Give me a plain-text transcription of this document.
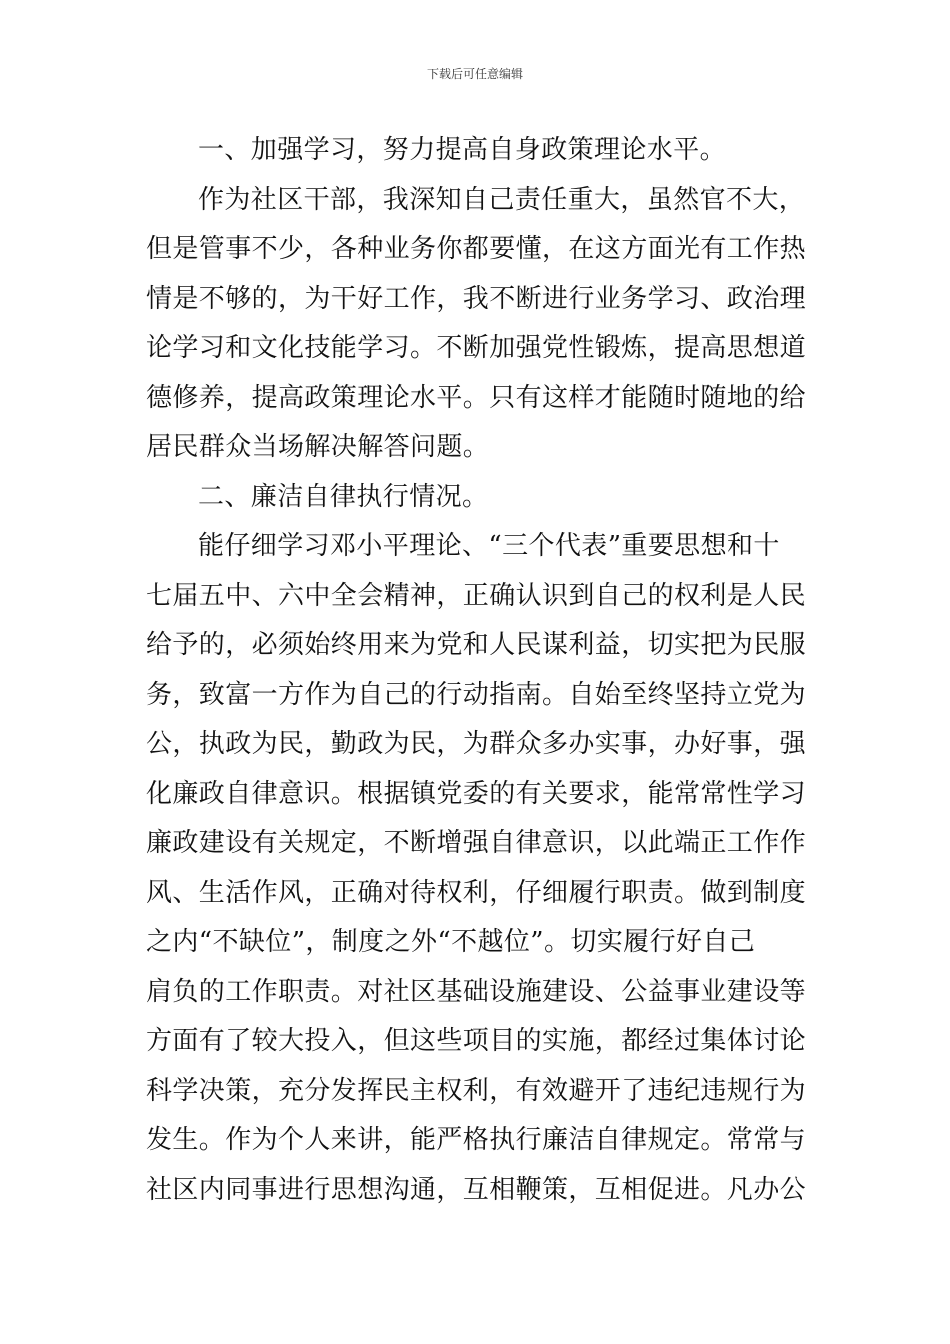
下载后可任意编辑
一、加强学习，努力提高自身政策理论水平。
作为社区干部，我深知自己责任重大，虽然官不大，
但是管事不少，各种业务你都要懂，在这方面光有工作热
情是不够的，为干好工作，我不断进行业务学习、政治理
论学习和文化技能学习。不断加强党性锻炼，提高思想道
德修养，提高政策理论水平。只有这样才能随时随地的给
居民群众当场解决解答问题。
二、廉洁自律执行情况。
能仔细学习邓小平理论、“三个代表”重要思想和十
七届五中、六中全会精神，正确认识到自己的权利是人民
给予的，必须始终用来为党和人民谋利益，切实把为民服
务，致富一方作为自己的行动指南。自始至终坚持立党为
公，执政为民，勤政为民，为群众多办实事，办好事，强
化廉政自律意识。根据镇党委的有关要求，能常常性学习
廉政建设有关规定，不断增强自律意识，以此端正工作作
风、生活作风，正确对待权利，仔细履行职责。做到制度
之内“不缺位”，制度之外“不越位”。切实履行好自己
肩负的工作职责。对社区基础设施建设、公益事业建设等
方面有了较大投入，但这些项目的实施，都经过集体讨论
科学决策，充分发挥民主权利，有效避开了违纪违规行为
发生。作为个人来讲，能严格执行廉洁自律规定。常常与
社区内同事进行思想沟通，互相鞭策，互相促进。凡办公
